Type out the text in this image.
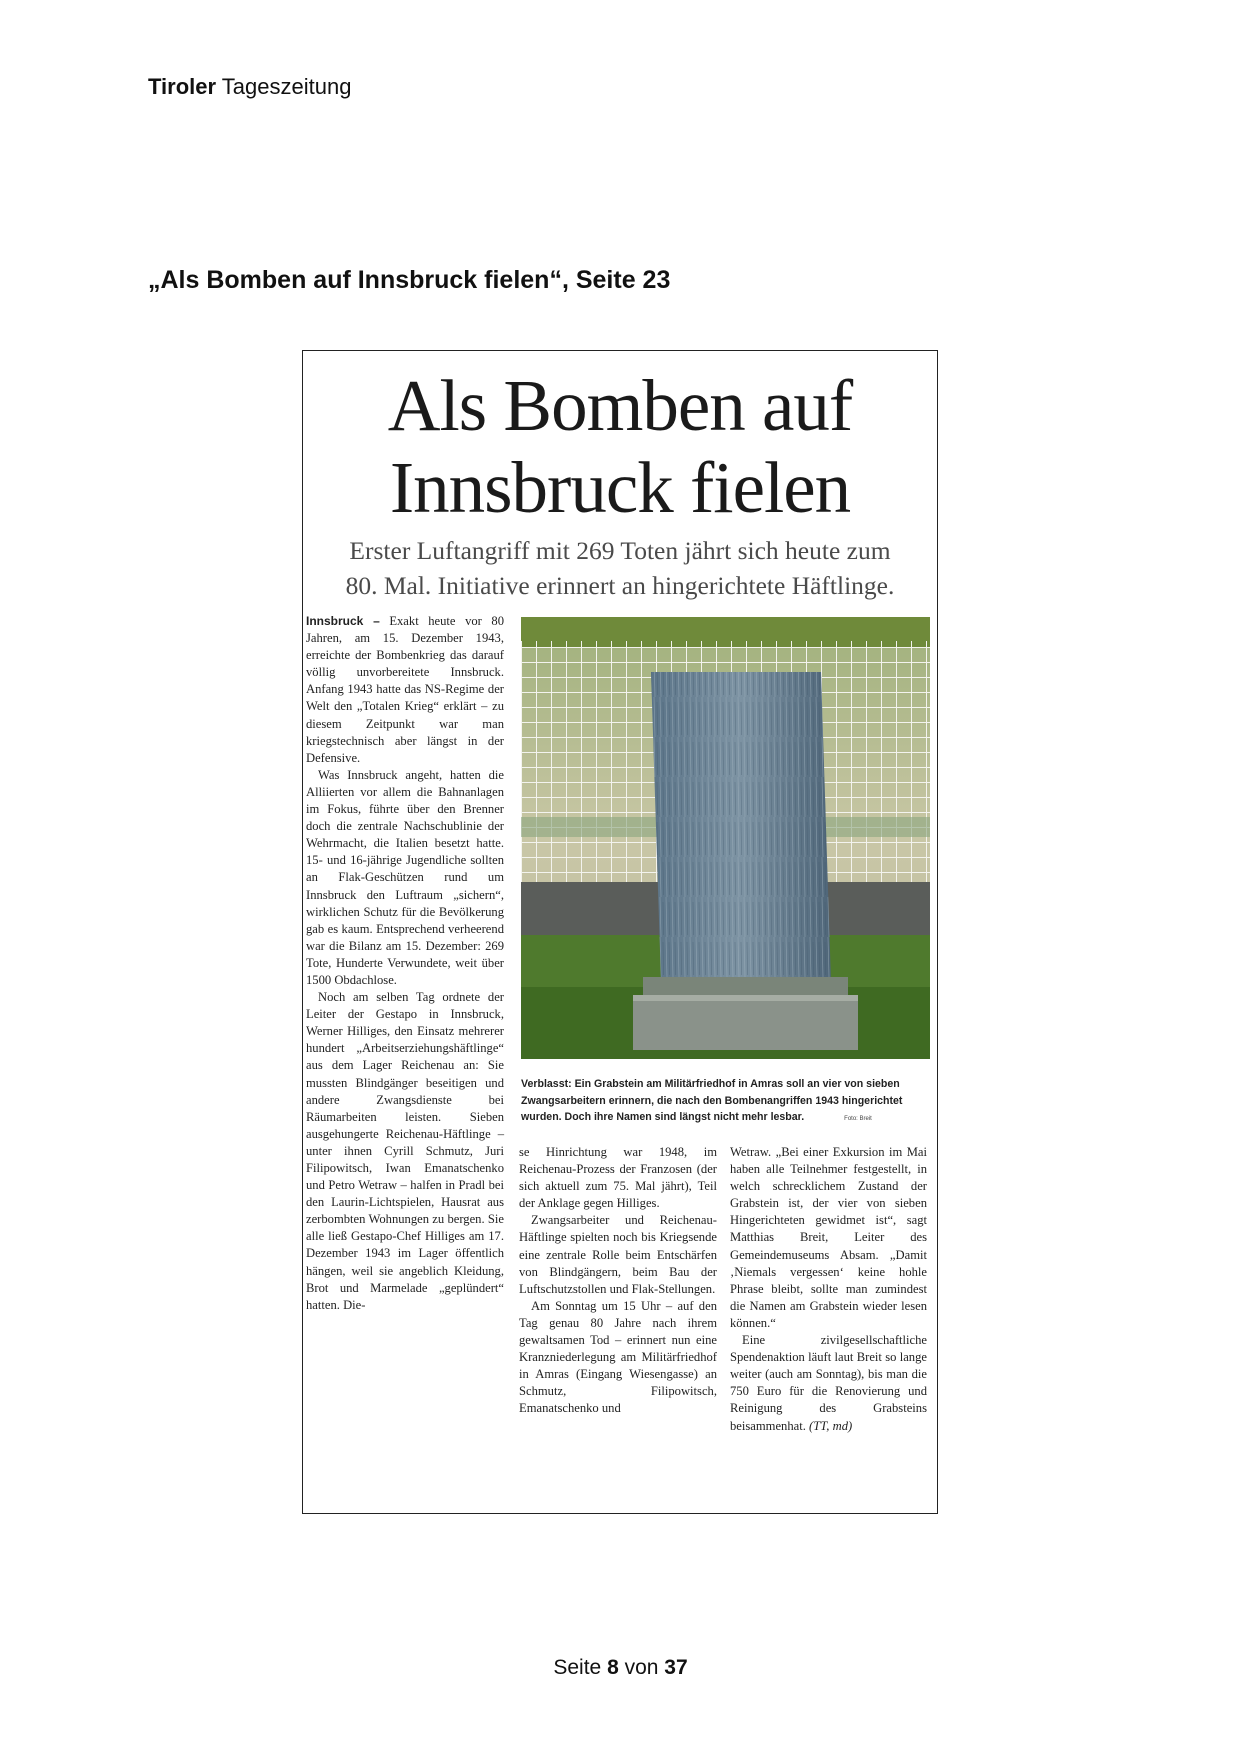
Tiroler Tageszeitung
„Als Bomben auf Innsbruck fielen“, Seite 23
Als Bomben auf
Innsbruck fielen
Erster Luftangriff mit 269 Toten jährt sich heute zum
80. Mal. Initiative erinnert an hingerichtete Häftlinge.

Innsbruck – Exakt heute vor 80 Jahren, am 15. Dezember 1943, erreichte der Bombenkrieg das darauf völlig unvorbereitete Innsbruck. Anfang 1943 hatte das NS-Regime der Welt den „Totalen Krieg“ erklärt – zu diesem Zeitpunkt war man kriegstechnisch aber längst in der Defensive.

Was Innsbruck angeht, hatten die Alliierten vor allem die Bahnanlagen im Fokus, führte über den Brenner doch die zentrale Nachschublinie der Wehrmacht, die Italien besetzt hatte. 15- und 16-jährige Jugendliche sollten an Flak-Geschützen rund um Innsbruck den Luftraum „sichern“, wirklichen Schutz für die Bevölkerung gab es kaum. Entsprechend verheerend war die Bilanz am 15. Dezember: 269 Tote, Hunderte Verwundete, weit über 1500 Obdachlose.

Noch am selben Tag ordnete der Leiter der Gestapo in Innsbruck, Werner Hilliges, den Einsatz mehrerer hundert „Arbeitserziehungshäftlinge“ aus dem Lager Reichenau an: Sie mussten Blindgänger beseitigen und andere Zwangsdienste bei Räumarbeiten leisten. Sieben ausgehungerte Reichenau-Häftlinge – unter ihnen Cyrill Schmutz, Juri Filipowitsch, Iwan Emanatschenko und Petro Wetraw – halfen in Pradl bei den Laurin-Lichtspielen, Hausrat aus zerbombten Wohnungen zu bergen. Sie alle ließ Gestapo-Chef Hilliges am 17. Dezember 1943 im Lager öffentlich hängen, weil sie angeblich Kleidung, Brot und Marmelade „geplündert“ hatten. Die-

Verblasst: Ein Grabstein am Militärfriedhof in Amras soll an vier von sieben Zwangsarbeitern erinnern, die nach den Bombenangriffen 1943 hingerichtet wurden. Doch ihre Namen sind längst nicht mehr lesbar.	Foto: Breit

se Hinrichtung war 1948, im Reichenau-Prozess der Franzosen (der sich aktuell zum 75. Mal jährt), Teil der Anklage gegen Hilliges.

Zwangsarbeiter und Reichenau-Häftlinge spielten noch bis Kriegsende eine zentrale Rolle beim Entschärfen von Blindgängern, beim Bau der Luftschutzstollen und Flak-Stellungen.

Am Sonntag um 15 Uhr – auf den Tag genau 80 Jahre nach ihrem gewaltsamen Tod – erinnert nun eine Kranzniederlegung am Militärfriedhof in Amras (Eingang Wiesengasse) an Schmutz, Filipowitsch, Emanatschenko und

Wetraw. „Bei einer Exkursion im Mai haben alle Teilnehmer festgestellt, in welch schrecklichem Zustand der Grabstein ist, der vier von sieben Hingerichteten gewidmet ist“, sagt Matthias Breit, Leiter des Gemeindemuseums Absam. „Damit ‚Niemals vergessen‘ keine hohle Phrase bleibt, sollte man zumindest die Namen am Grabstein wieder lesen können.“

Eine zivilgesellschaftliche Spendenaktion läuft laut Breit so lange weiter (auch am Sonntag), bis man die 750 Euro für die Renovierung und Reinigung des Grabsteins beisammenhat. (TT, md)

Seite 8 von 37
